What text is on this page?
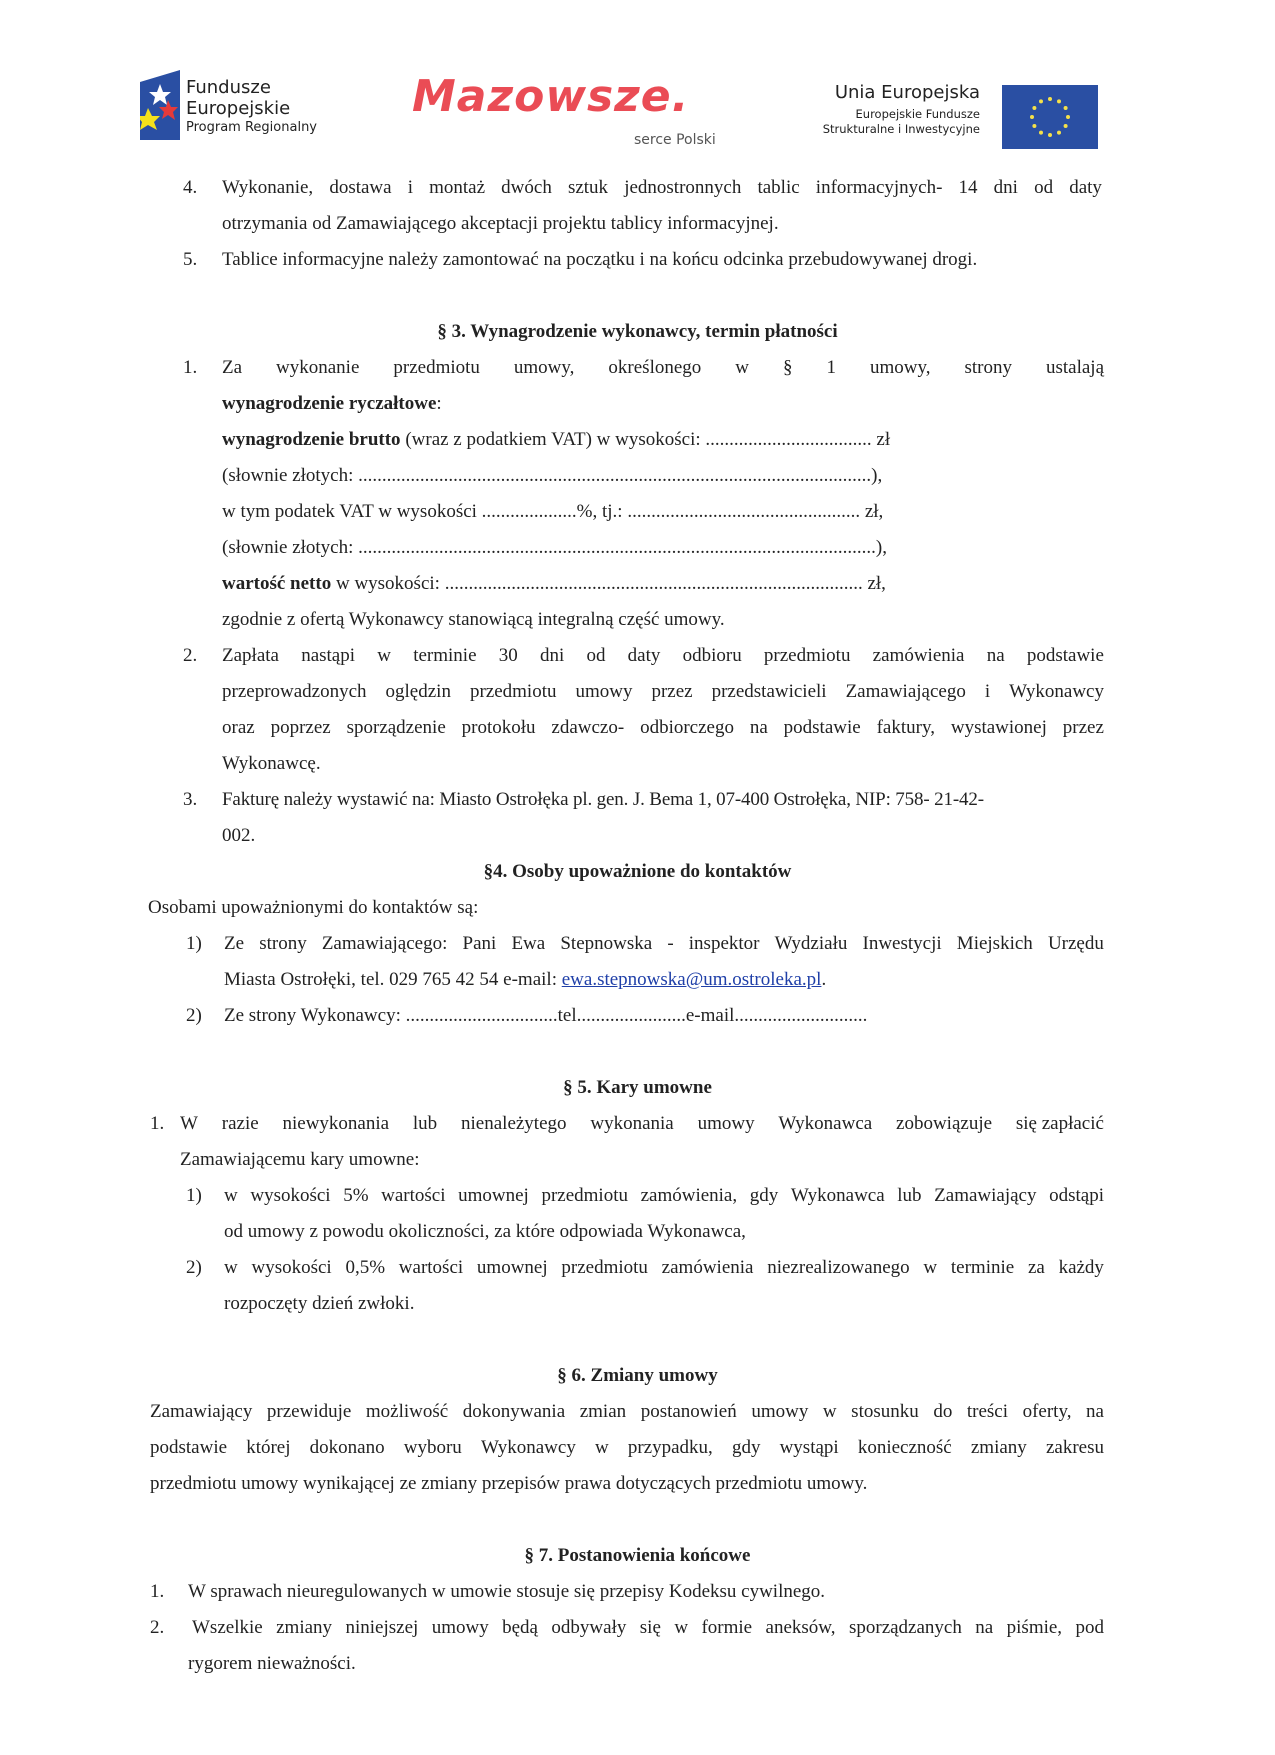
Fundusze
Europejskie
Program Regionalny
Mazowsze.
serce Polski
Unia Europejska
Europejskie Fundusze
Strukturalne i Inwestycyjne
4. Wykonanie, dostawa i montaż dwóch sztuk jednostronnych tablic informacyjnych- 14 dni od daty
otrzymania od Zamawiającego akceptacji projektu tablicy informacyjnej.
5. Tablice informacyjne należy zamontować na początku i na końcu odcinka przebudowywanej drogi.
§ 3. Wynagrodzenie wykonawcy, termin płatności
1. Za wykonanie przedmiotu umowy, określonego w § 1 umowy, strony ustalają
wynagrodzenie ryczałtowe:
wynagrodzenie brutto (wraz z podatkiem VAT) w wysokości: ................................... zł
(słownie złotych: ............................................................................................................),
w tym podatek VAT w wysokości ....................%, tj.: ................................................. zł,
(słownie złotych: .............................................................................................................),
wartość netto w wysokości: ........................................................................................ zł,
zgodnie z ofertą Wykonawcy stanowiącą integralną część umowy.
2. Zapłata nastąpi w terminie 30 dni od daty odbioru przedmiotu zamówienia na podstawie
przeprowadzonych oględzin przedmiotu umowy przez przedstawicieli Zamawiającego i Wykonawcy
oraz poprzez sporządzenie protokołu zdawczo- odbiorczego na podstawie faktury, wystawionej przez
Wykonawcę.
3. Fakturę należy wystawić na: Miasto Ostrołęka pl. gen. J. Bema 1, 07-400 Ostrołęka, NIP: 758- 21-42-
002.
§4. Osoby upoważnione do kontaktów
Osobami upoważnionymi do kontaktów są:
1) Ze strony Zamawiającego: Pani Ewa Stepnowska - inspektor Wydziału Inwestycji Miejskich Urzędu
Miasta Ostrołęki, tel. 029 765 42 54 e-mail: ewa.stepnowska@um.ostroleka.pl.
2) Ze strony Wykonawcy: ................................tel.......................e-mail............................
§ 5. Kary umowne
1. W razie niewykonania lub nienależytego wykonania umowy Wykonawca zobowiązuje się zapłacić
Zamawiającemu kary umowne:
1) w wysokości 5% wartości umownej przedmiotu zamówienia, gdy Wykonawca lub Zamawiający odstąpi
od umowy z powodu okoliczności, za które odpowiada Wykonawca,
2) w wysokości 0,5% wartości umownej przedmiotu zamówienia niezrealizowanego w terminie za każdy
rozpoczęty dzień zwłoki.
§ 6. Zmiany umowy
Zamawiający przewiduje możliwość dokonywania zmian postanowień umowy w stosunku do treści oferty, na
podstawie której dokonano wyboru Wykonawcy w przypadku, gdy wystąpi konieczność zmiany zakresu
przedmiotu umowy wynikającej ze zmiany przepisów prawa dotyczących przedmiotu umowy.
§ 7. Postanowienia końcowe
1. W sprawach nieuregulowanych w umowie stosuje się przepisy Kodeksu cywilnego.
2. Wszelkie zmiany niniejszej umowy będą odbywały się w formie aneksów, sporządzanych na piśmie, pod
rygorem nieważności.
